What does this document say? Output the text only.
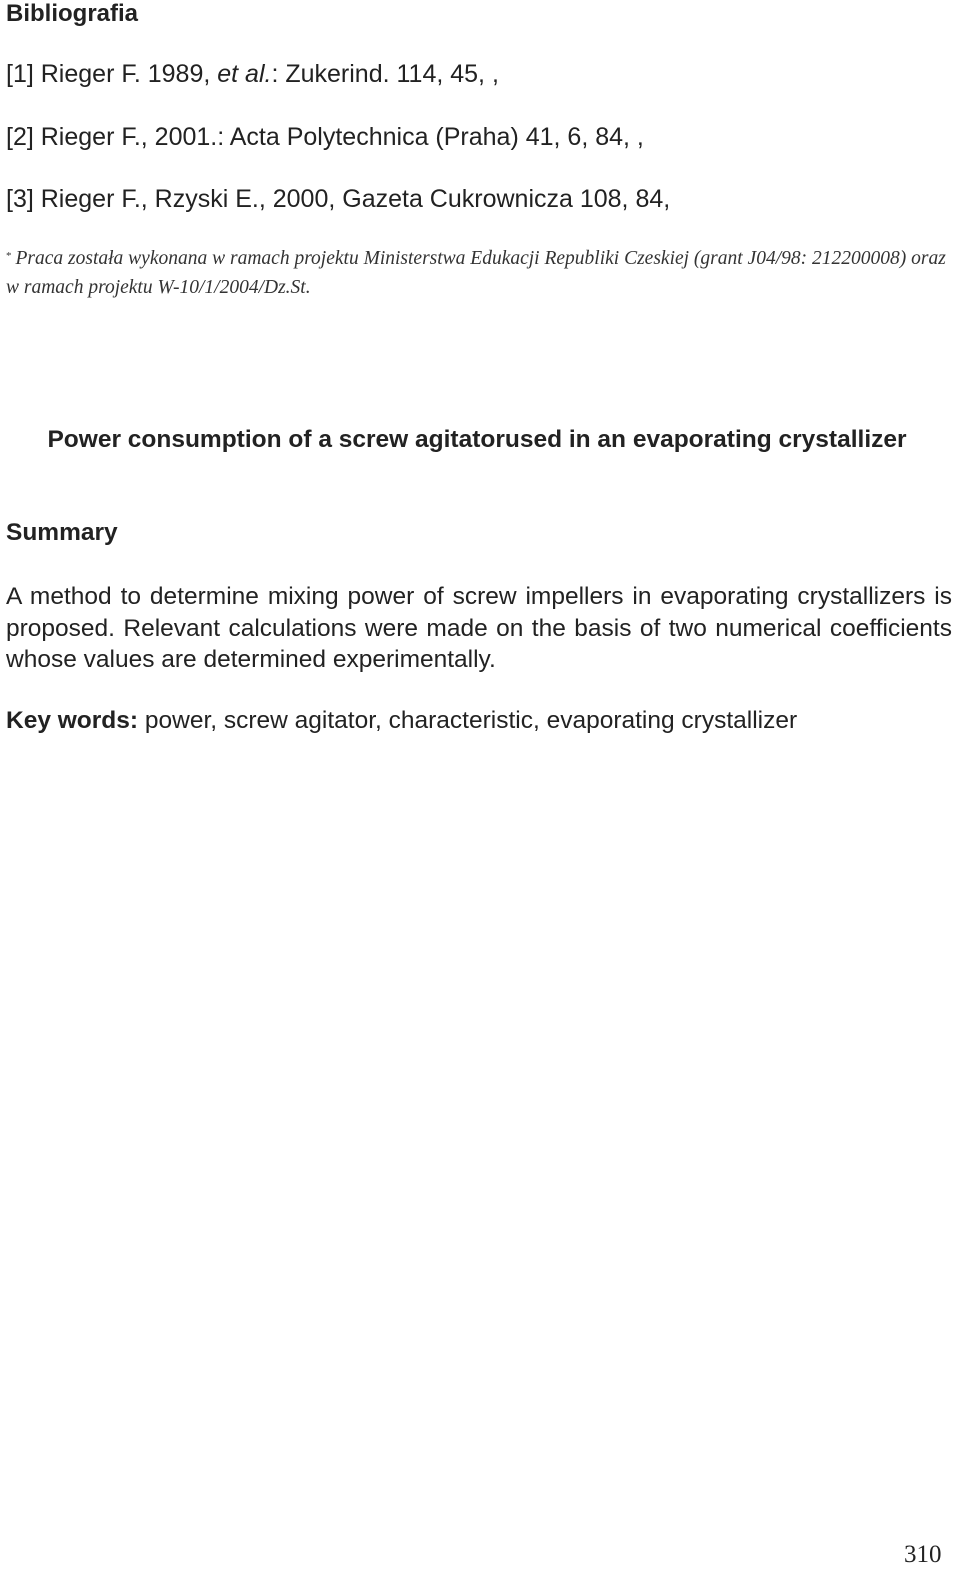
Bibliografia
[1] Rieger F. 1989, et al.: Zukerind. 114, 45, ,
[2] Rieger F., 2001.: Acta Polytechnica (Praha) 41, 6, 84, ,
[3] Rieger F., Rzyski E., 2000, Gazeta Cukrownicza 108, 84,
* Praca została wykonana w ramach projektu Ministerstwa Edukacji Republiki Czeskiej (grant J04/98: 212200008) oraz w ramach projektu W-10/1/2004/Dz.St.
Power consumption of a screw agitatorused in an evaporating crystallizer
Summary
A method to determine mixing power of screw impellers in evaporating crystallizers is proposed. Relevant calculations were made on the basis of two numerical coefficients whose values are determined experimentally.
Key words: power, screw agitator, characteristic, evaporating crystallizer
310
